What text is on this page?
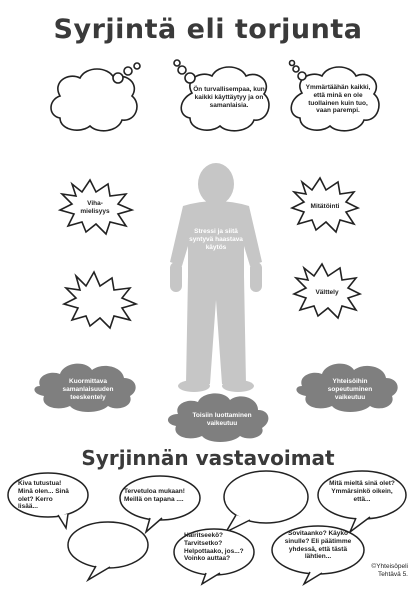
Syrjintä eli torjunta
Ön turvallisempaa, kun kaikki käyttäytyy ja on samanlaisia.
Ymmärtäähän kaikki, että minä en ole tuollainen kuin tuo, vaan parempi.
Viha-mielisyys
Mitätöinti
Välttely
Stressi ja siitä syntyvä haastava käytös
Kuormittava samanlaisuuden teeskentely
Yhteisöihin sopeutuminen vaikeutuu
Toisiin luottaminen vaikeutuu
Syrjinnän vastavoimat
Kiva tutustua! Minä olen... Sinä olet? Kerro lisää...
Tervetuloa mukaan! Meillä on tapana ....
Mitä mieltä sinä olet? Ymmärsinkö oikein, että...
Häiritseekö? Tarvitsetko? Helpottaako, jos...? Voinko auttaa?
Sovitaanko? Käykö sinulle? Eli päätimme yhdessä, että tästä lähtien...
©Yhteisöpeli
Tehtävä 5.
